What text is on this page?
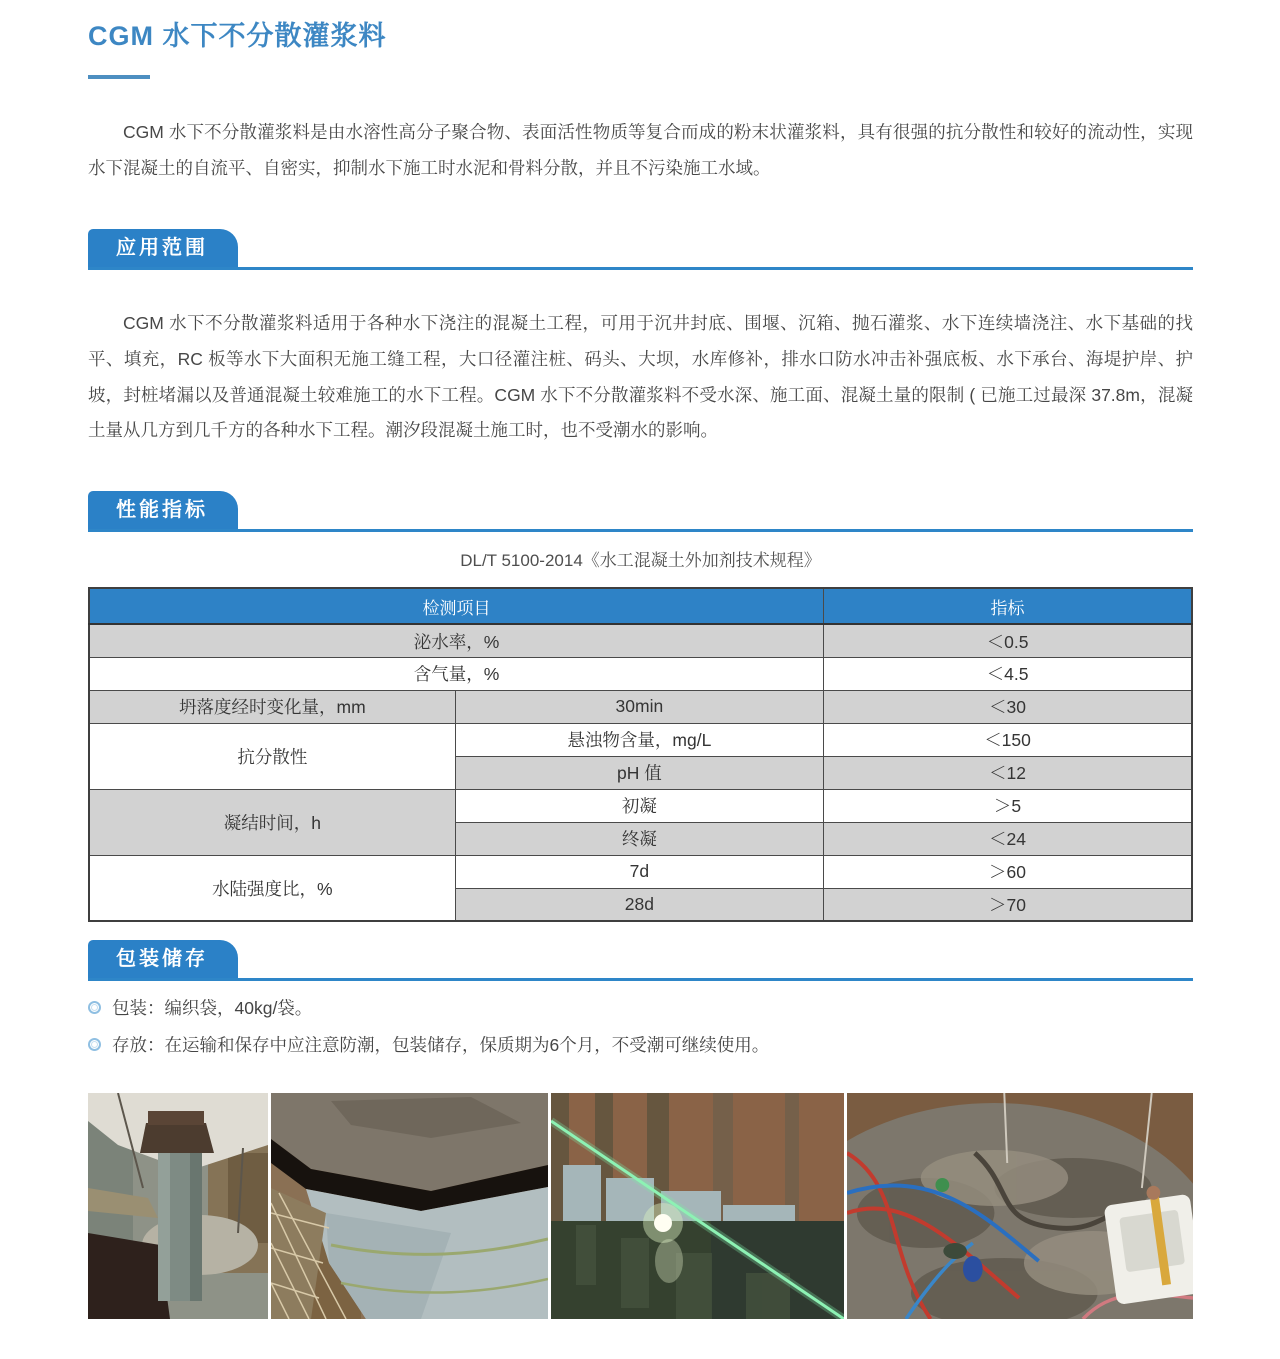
CGM 水下不分散灌浆料

CGM 水下不分散灌浆料是由水溶性高分子聚合物、表面活性物质等复合而成的粉末状灌浆料，具有很强的抗分散性和较好的流动性，实现水下混凝土的自流平、自密实，抑制水下施工时水泥和骨料分散，并且不污染施工水域。

应用范围

CGM 水下不分散灌浆料适用于各种水下浇注的混凝土工程，可用于沉井封底、围堰、沉箱、抛石灌浆、水下连续墙浇注、水下基础的找平、填充，RC 板等水下大面积无施工缝工程，大口径灌注桩、码头、大坝，水库修补，排水口防水冲击补强底板、水下承台、海堤护岸、护坡，封桩堵漏以及普通混凝土较难施工的水下工程。CGM 水下不分散灌浆料不受水深、施工面、混凝土量的限制 ( 已施工过最深 37.8m，混凝土量从几方到几千方的各种水下工程。潮汐段混凝土施工时，也不受潮水的影响。

性能指标

DL/T 5100-2014《水工混凝土外加剂技术规程》

检测项目		指标
泌水率，%		＜0.5
含气量，%		＜4.5
坍落度经时变化量，mm	30min	＜30
抗分散性	悬浊物含量，mg/L	＜150
	pH 值	＜12
凝结时间，h	初凝	＞5
	终凝	＜24
水陆强度比，%	7d	＞60
	28d	＞70
包装储存
包装：编织袋，40kg/袋。
存放：在运输和保存中应注意防潮，包装储存，保质期为6个月，不受潮可继续使用。
